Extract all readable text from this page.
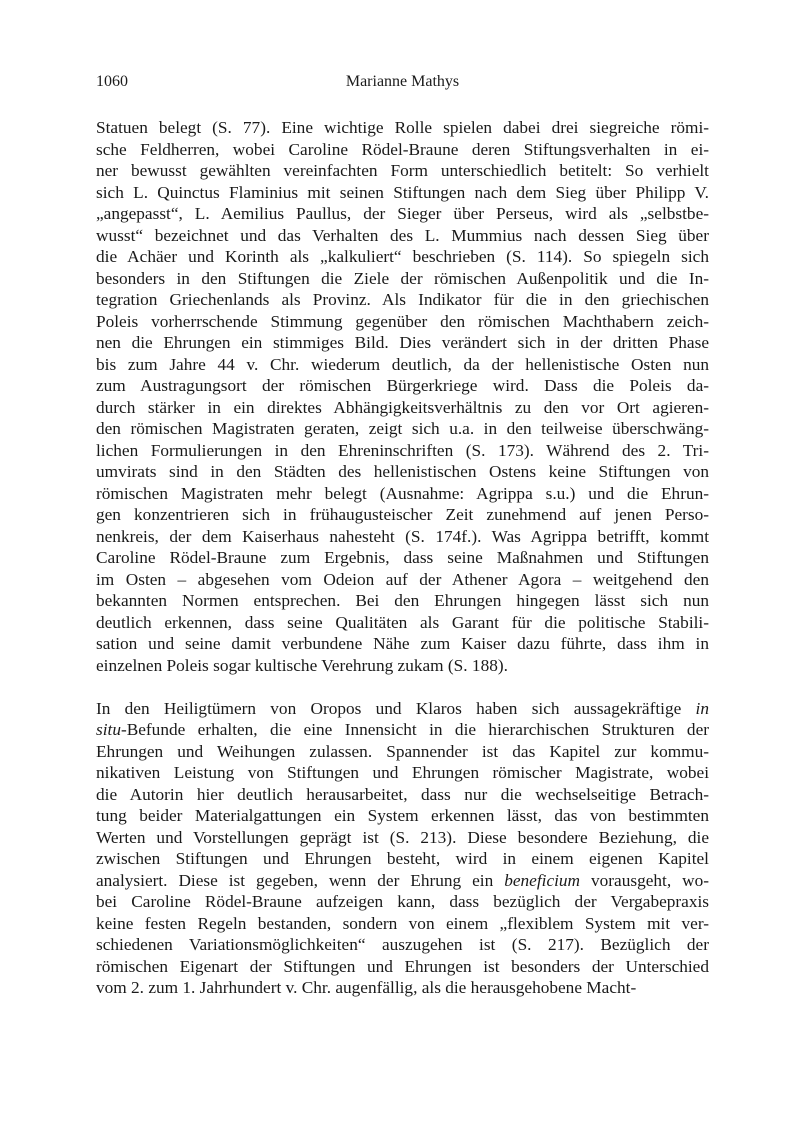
1060	Marianne Mathys

Statuen belegt (S. 77). Eine wichtige Rolle spielen dabei drei siegreiche römi-
sche Feldherren, wobei Caroline Rödel-Braune deren Stiftungsverhalten in ei-
ner bewusst gewählten vereinfachten Form unterschiedlich betitelt: So verhielt
sich L. Quinctus Flaminius mit seinen Stiftungen nach dem Sieg über Philipp V.
„angepasst“, L. Aemilius Paullus, der Sieger über Perseus, wird als „selbstbe-
wusst“ bezeichnet und das Verhalten des L. Mummius nach dessen Sieg über
die Achäer und Korinth als „kalkuliert“ beschrieben (S. 114). So spiegeln sich
besonders in den Stiftungen die Ziele der römischen Außenpolitik und die In-
tegration Griechenlands als Provinz. Als Indikator für die in den griechischen
Poleis vorherrschende Stimmung gegenüber den römischen Machthabern zeich-
nen die Ehrungen ein stimmiges Bild. Dies verändert sich in der dritten Phase
bis zum Jahre 44 v. Chr. wiederum deutlich, da der hellenistische Osten nun
zum Austragungsort der römischen Bürgerkriege wird. Dass die Poleis da-
durch stärker in ein direktes Abhängigkeitsverhältnis zu den vor Ort agieren-
den römischen Magistraten geraten, zeigt sich u.a. in den teilweise überschwäng-
lichen Formulierungen in den Ehreninschriften (S. 173). Während des 2. Tri-
umvirats sind in den Städten des hellenistischen Ostens keine Stiftungen von
römischen Magistraten mehr belegt (Ausnahme: Agrippa s.u.) und die Ehrun-
gen konzentrieren sich in frühaugusteischer Zeit zunehmend auf jenen Perso-
nenkreis, der dem Kaiserhaus nahesteht (S. 174f.). Was Agrippa betrifft, kommt
Caroline Rödel-Braune zum Ergebnis, dass seine Maßnahmen und Stiftungen
im Osten – abgesehen vom Odeion auf der Athener Agora – weitgehend den
bekannten Normen entsprechen. Bei den Ehrungen hingegen lässt sich nun
deutlich erkennen, dass seine Qualitäten als Garant für die politische Stabili-
sation und seine damit verbundene Nähe zum Kaiser dazu führte, dass ihm in
einzelnen Poleis sogar kultische Verehrung zukam (S. 188).

In den Heiligtümern von Oropos und Klaros haben sich aussagekräftige in
situ-Befunde erhalten, die eine Innensicht in die hierarchischen Strukturen der
Ehrungen und Weihungen zulassen. Spannender ist das Kapitel zur kommu-
nikativen Leistung von Stiftungen und Ehrungen römischer Magistrate, wobei
die Autorin hier deutlich herausarbeitet, dass nur die wechselseitige Betrach-
tung beider Materialgattungen ein System erkennen lässt, das von bestimmten
Werten und Vorstellungen geprägt ist (S. 213). Diese besondere Beziehung, die
zwischen Stiftungen und Ehrungen besteht, wird in einem eigenen Kapitel
analysiert. Diese ist gegeben, wenn der Ehrung ein beneficium vorausgeht, wo-
bei Caroline Rödel-Braune aufzeigen kann, dass bezüglich der Vergabepraxis
keine festen Regeln bestanden, sondern von einem „flexiblem System mit ver-
schiedenen Variationsmöglichkeiten“ auszugehen ist (S. 217). Bezüglich der
römischen Eigenart der Stiftungen und Ehrungen ist besonders der Unterschied
vom 2. zum 1. Jahrhundert v. Chr. augenfällig, als die herausgehobene Macht-
